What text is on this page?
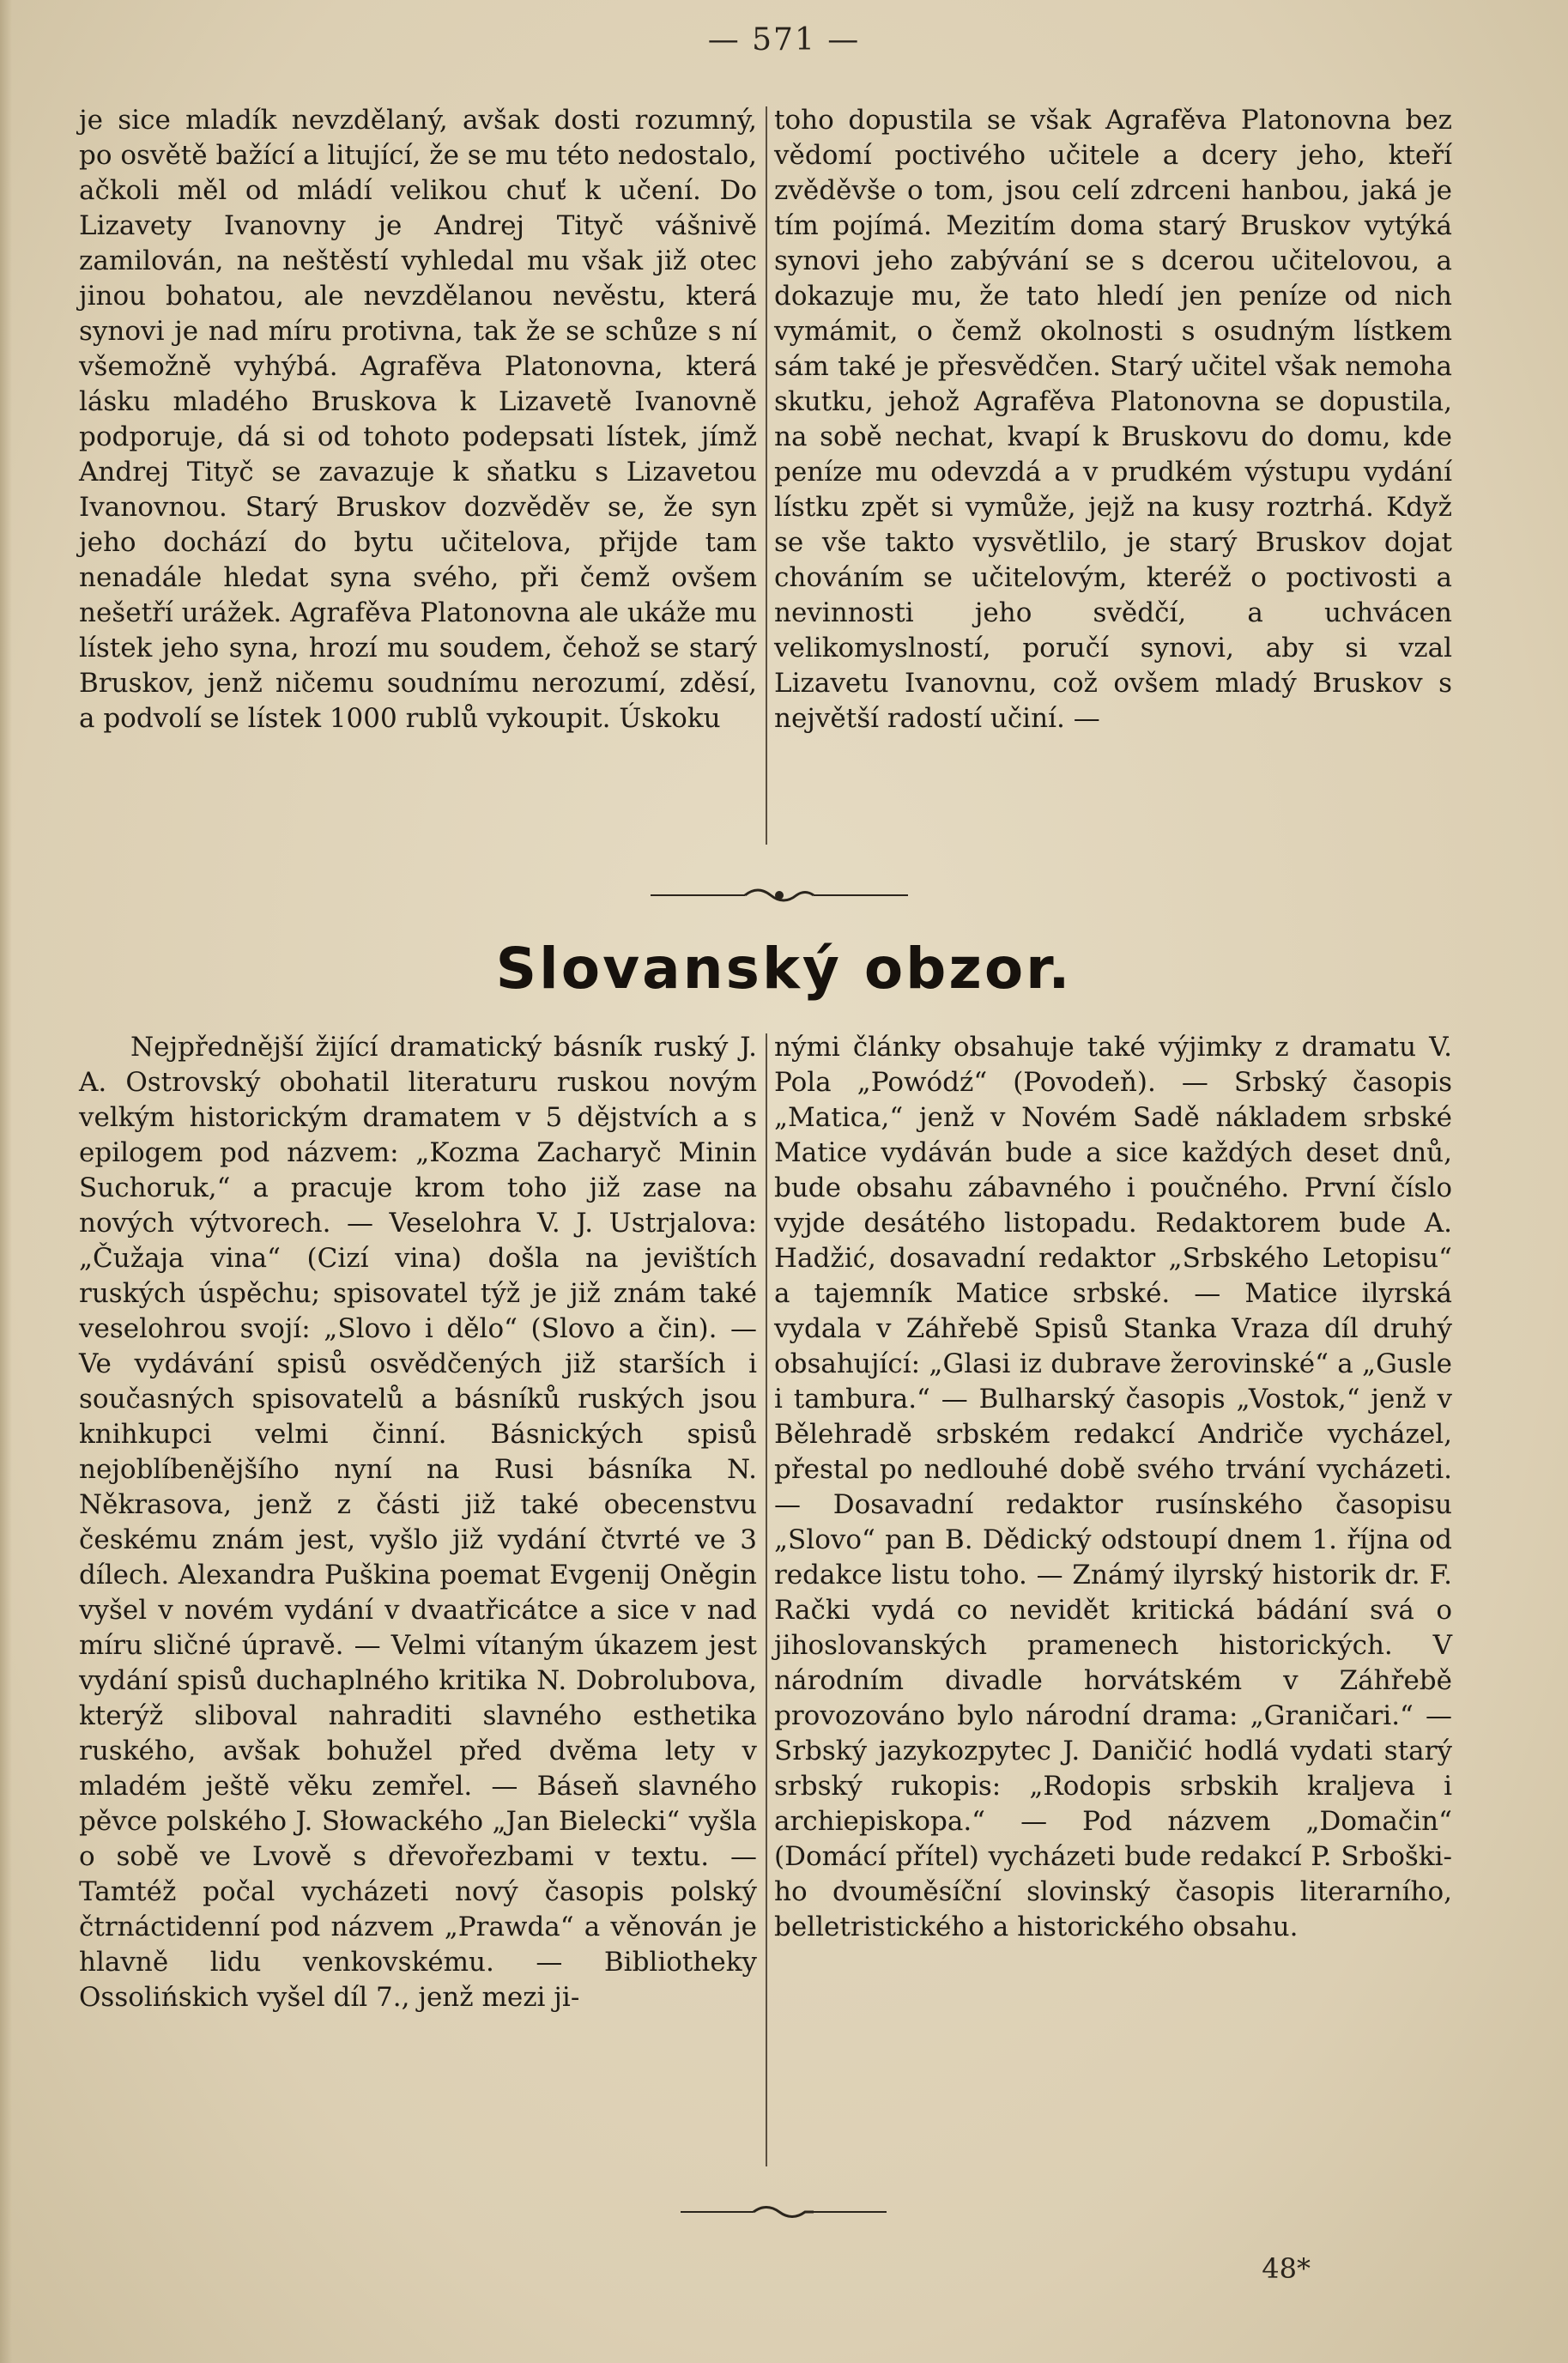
— 571 —

je sice mladík nevzdělaný, avšak dosti rozumný, po osvětě bažící a litující, že se mu této nedostalo, ačkoli měl od mládí velikou chuť k učení. Do Lizavety Ivanovny je Andrej Tityč vášnivě zamilován, na neštěstí vyhledal mu však již otec jinou bohatou, ale nevzdělanou nevěstu, která synovi je nad míru protivna, tak že se schůze s ní všemožně vyhýbá. Agrafěva Platonovna, která lásku mladého Bruskova k Lizavetě Ivanovně podporuje, dá si od tohoto podepsati lístek, jímž Andrej Tityč se zavazuje k sňatku s Lizavetou Ivanovnou. Starý Bruskov dozvěděv se, že syn jeho dochází do bytu učitelova, přijde tam nenadále hledat syna svého, při čemž ovšem nešetří urážek. Agrafěva Platonovna ale ukáže mu lístek jeho syna, hrozí mu soudem, čehož se starý Bruskov, jenž ničemu soudnímu nerozumí, zděsí, a podvolí se lístek 1000 rublů vykoupit. Úskoku

toho dopustila se však Agrafěva Platonovna bez vědomí poctivého učitele a dcery jeho, kteří zvěděvše o tom, jsou celí zdrceni hanbou, jaká je tím pojímá. Mezitím doma starý Bruskov vytýká synovi jeho zabývání se s dcerou učitelovou, a dokazuje mu, že tato hledí jen peníze od nich vymámit, o čemž okolnosti s osudným lístkem sám také je přesvědčen. Starý učitel však nemoha skutku, jehož Agrafěva Platonovna se dopustila, na sobě nechat, kvapí k Bruskovu do domu, kde peníze mu odevzdá a v prudkém výstupu vydání lístku zpět si vymůže, jejž na kusy roztrhá. Když se vše takto vysvětlilo, je starý Bruskov dojat chováním se učitelovým, kteréž o poctivosti a nevinnosti jeho svědčí, a uchvácen velikomyslností, poručí synovi, aby si vzal Lizavetu Ivanovnu, což ovšem mladý Bruskov s největší radostí učiní. —

Slovanský obzor.

Nejpřednější žijící dramatický básník ruský J. A. Ostrovský obohatil literaturu ruskou novým velkým historickým dramatem v 5 dějstvích a s epilogem pod názvem: „Kozma Zacharyč Minin Suchoruk,“ a pracuje krom toho již zase na nových výtvorech. — Veselohra V. J. Ustrjalova: „Čužaja vina“ (Cizí vina) došla na jevištích ruských úspěchu; spisovatel týž je již znám také veselohrou svojí: „Slovo i dělo“ (Slovo a čin). — Ve vydávání spisů osvědčených již starších i současných spisovatelů a básníků ruských jsou knihkupci velmi činní. Básnických spisů nejoblíbenějšího nyní na Rusi básníka N. Někrasova, jenž z části již také obecenstvu českému znám jest, vyšlo již vydání čtvrté ve 3 dílech. Alexandra Puškina poemat Evgenij Oněgin vyšel v novém vydání v dvaatřicátce a sice v nad míru sličné úpravě. — Velmi vítaným úkazem jest vydání spisů duchaplného kritika N. Dobrolubova, kterýž sliboval nahraditi slavného esthetika ruského, avšak bohužel před dvěma lety v mladém ještě věku zemřel. — Báseň slavného pěvce polského J. Słowackého „Jan Bielecki“ vyšla o sobě ve Lvově s dřevořezbami v textu. — Tamtéž počal vycházeti nový časopis polský čtrnáctidenní pod názvem „Prawda“ a věnován je hlavně lidu venkovskému. — Bibliotheky Ossolińskich vyšel díl 7., jenž mezi ji-

nými články obsahuje také výjimky z dramatu V. Pola „Powódź“ (Povodeň). — Srbský časopis „Matica,“ jenž v Novém Sadě nákladem srbské Matice vydáván bude a sice každých deset dnů, bude obsahu zábavného i poučného. První číslo vyjde desátého listopadu. Redaktorem bude A. Hadžić, dosavadní redaktor „Srbského Letopisu“ a tajemník Matice srbské. — Matice ilyrská vydala v Záhřebě Spisů Stanka Vraza díl druhý obsahující: „Glasi iz dubrave žerovinské“ a „Gusle i tambura.“ — Bulharský časopis „Vostok,“ jenž v Bělehradě srbském redakcí Andriče vycházel, přestal po nedlouhé době svého trvání vycházeti. — Dosavadní redaktor rusínského časopisu „Slovo“ pan B. Dědický odstoupí dnem 1. října od redakce listu toho. — Známý ilyrský historik dr. F. Rački vydá co nevidět kritická bádání svá o jihoslovanských pramenech historických. V národním divadle horvátském v Záhřebě provozováno bylo národní drama: „Graničari.“ — Srbský jazykozpytec J. Daničić hodlá vydati starý srbský rukopis: „Rodopis srbskih kraljeva i archiepiskopa.“ — Pod názvem „Domačin“ (Domácí přítel) vycházeti bude redakcí P. Srboški-ho dvouměsíční slovinský časopis literarního, belletristického a historického obsahu.

48*
